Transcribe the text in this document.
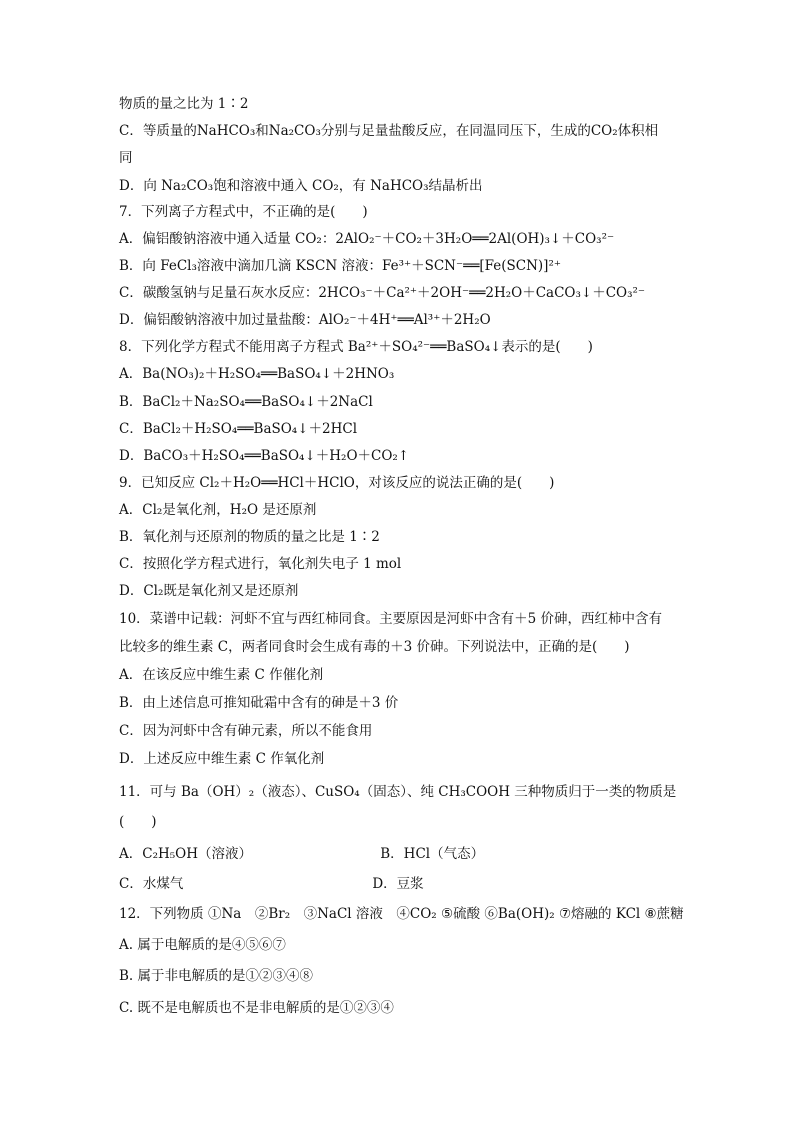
物质的量之比为 1∶2
C．等质量的NaHCO₃和Na₂CO₃分别与足量盐酸反应，在同温同压下，生成的CO₂体积相
同
D．向 Na₂CO₃饱和溶液中通入 CO₂，有 NaHCO₃结晶析出
7．下列离子方程式中，不正确的是(　　)
A．偏铝酸钠溶液中通入适量 CO₂：2AlO₂⁻＋CO₂＋3H₂O══2Al(OH)₃↓＋CO₃²⁻
B．向 FeCl₃溶液中滴加几滴 KSCN 溶液：Fe³⁺＋SCN⁻══[Fe(SCN)]²⁺
C．碳酸氢钠与足量石灰水反应：2HCO₃⁻＋Ca²⁺＋2OH⁻══2H₂O＋CaCO₃↓＋CO₃²⁻
D．偏铝酸钠溶液中加过量盐酸：AlO₂⁻＋4H⁺══Al³⁺＋2H₂O
8．下列化学方程式不能用离子方程式 Ba²⁺＋SO₄²⁻══BaSO₄↓表示的是(　　)
A．Ba(NO₃)₂＋H₂SO₄══BaSO₄↓＋2HNO₃
B．BaCl₂＋Na₂SO₄══BaSO₄↓＋2NaCl
C．BaCl₂＋H₂SO₄══BaSO₄↓＋2HCl
D．BaCO₃＋H₂SO₄══BaSO₄↓＋H₂O＋CO₂↑
9．已知反应 Cl₂＋H₂O══HCl＋HClO，对该反应的说法正确的是(　　)
A．Cl₂是氧化剂，H₂O 是还原剂
B．氧化剂与还原剂的物质的量之比是 1∶2
C．按照化学方程式进行，氧化剂失电子 1 mol
D．Cl₂既是氧化剂又是还原剂
10．菜谱中记载：河虾不宜与西红柿同食。主要原因是河虾中含有＋5 价砷，西红柿中含有
比较多的维生素 C，两者同食时会生成有毒的＋3 价砷。下列说法中，正确的是(　　)
A．在该反应中维生素 C 作催化剂
B．由上述信息可推知砒霜中含有的砷是＋3 价
C．因为河虾中含有砷元素，所以不能食用
D．上述反应中维生素 C 作氧化剂
11．可与 Ba（OH）₂（液态）、CuSO₄（固态）、纯 CH₃COOH 三种物质归于一类的物质是
(　　)
A．C₂H₅OH（溶液）　　　　　　　　　　B．HCl（气态）
C．水煤气　　　　　　　　　　　　　　D．豆浆
12．下列物质 ①Na　②Br₂　③NaCl 溶液　④CO₂ ⑤硫酸 ⑥Ba(OH)₂ ⑦熔融的 KCl ⑧蔗糖
A. 属于电解质的是④⑤⑥⑦
B. 属于非电解质的是①②③④⑧
C. 既不是电解质也不是非电解质的是①②③④
